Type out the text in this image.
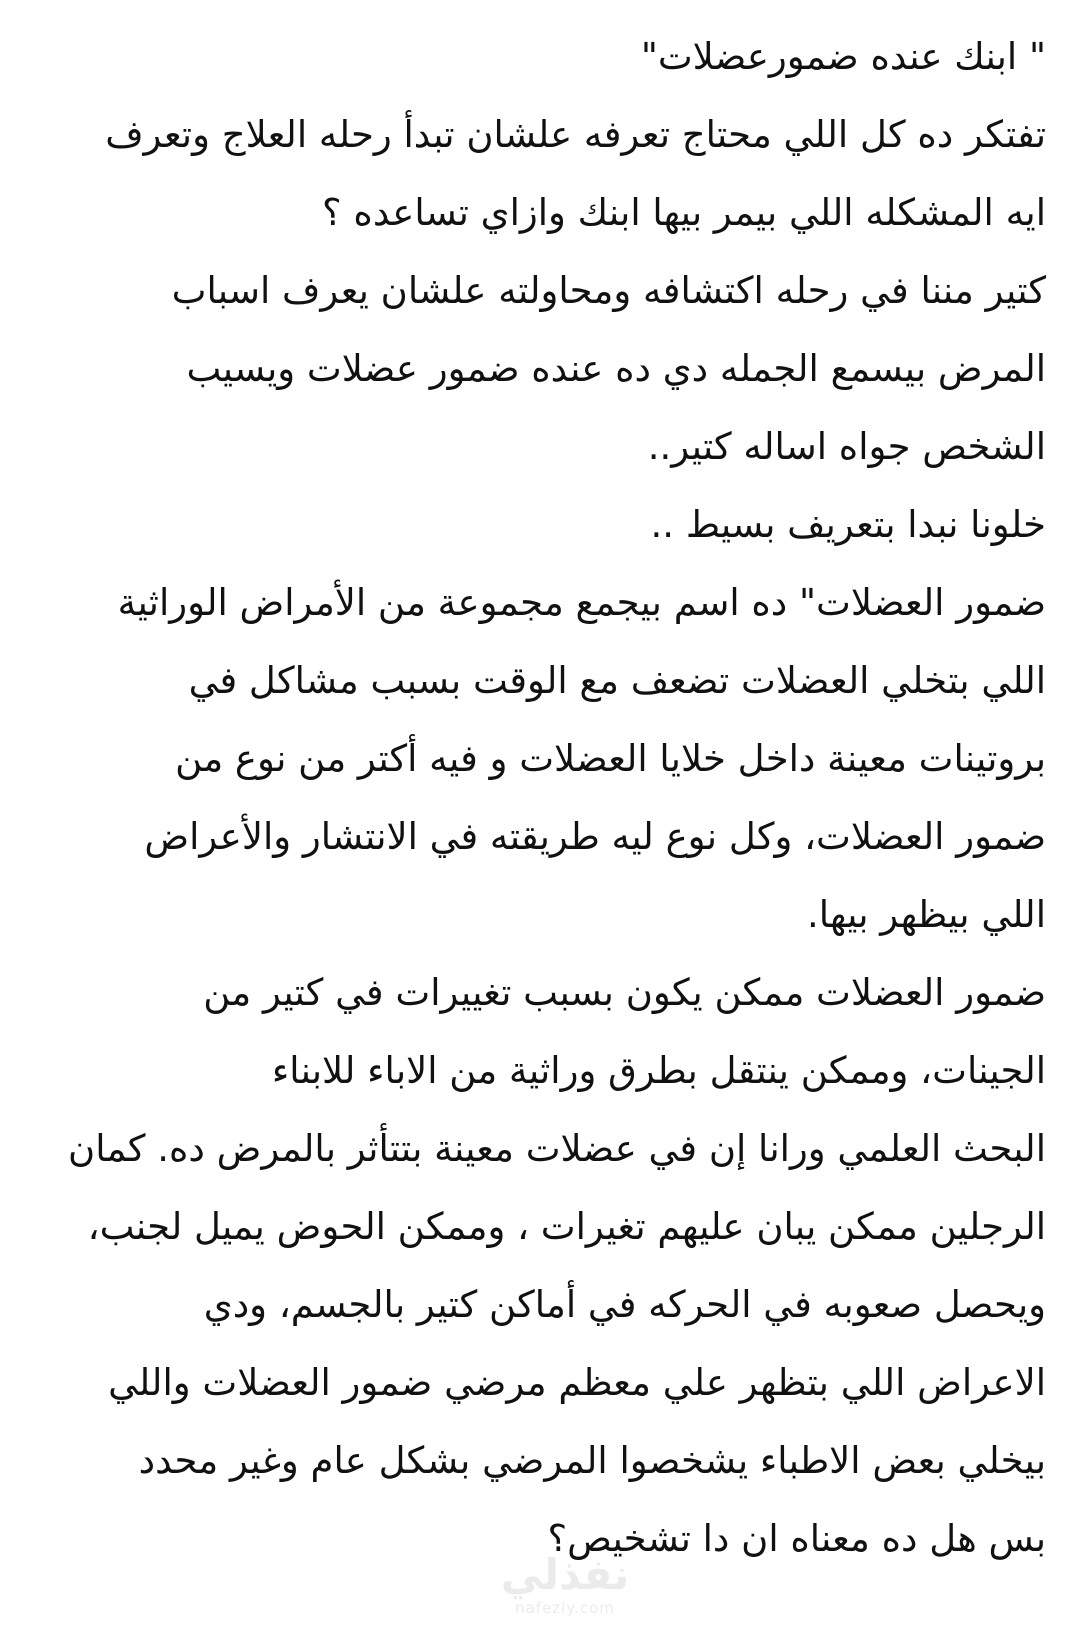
" ابنك عنده ضمورعضلات"
تفتكر ده كل اللي محتاج تعرفه علشان تبدأ رحله العلاج وتعرف
ايه المشكله اللي بيمر بيها ابنك وازاي تساعده ؟
كتير مننا في رحله اكتشافه ومحاولته علشان يعرف اسباب
المرض بيسمع الجمله دي ده عنده ضمور عضلات ويسيب
الشخص جواه اساله كتير..
خلونا نبدا بتعريف بسيط ..
ضمور العضلات" ده اسم بيجمع مجموعة من الأمراض الوراثية
اللي بتخلي العضلات تضعف مع الوقت بسبب مشاكل في
بروتينات معينة داخل خلايا العضلات و فيه أكتر من نوع من
ضمور العضلات، وكل نوع ليه طريقته في الانتشار والأعراض
اللي بيظهر بيها.
ضمور العضلات ممكن يكون بسبب تغييرات في كتير من
الجينات، وممكن ينتقل بطرق وراثية من الاباء للابناء
البحث العلمي ورانا إن في عضلات معينة بتتأثر بالمرض ده. كمان
الرجلين ممكن يبان عليهم تغيرات ، وممكن الحوض يميل لجنب،
ويحصل صعوبه في الحركه في أماكن كتير بالجسم، ودي
الاعراض اللي بتظهر علي معظم مرضي ضمور العضلات واللي
بيخلي بعض الاطباء يشخصوا المرضي بشكل عام وغير محدد
بس هل ده معناه ان دا تشخيص؟
نفذلي
nafezly.com
